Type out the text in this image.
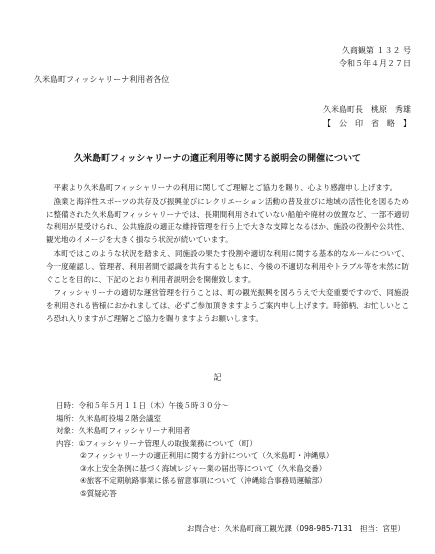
久商観第 １３２ 号
令和５年４月２７日
久米島町フィッシャリーナ利用者各位
久米島町長　桃原　秀雄
【　公　印　省　略　】
久米島町フィッシャリーナの適正利用等に関する説明会の開催について

平素より久米島町フィッシャリーナの利用に関してご理解とご協力を賜り、心より感謝申し上げます。

漁業と海洋性スポーツの共存及び振興並びにレクリエーション活動の普及並びに地域の活性化を図るために整備された久米島町フィッシャリーナでは、長期間利用されていない船舶や廃材の放置など、一部不適切な利用が見受けられ、公共施設の適正な維持管理を行う上で大きな支障となるほか、施設の役割や公共性、観光地のイメージを大きく損なう状況が続いています。

本町ではこのような状況を踏まえ、同施設の果たす役割や適切な利用に関する基本的なルールについて、今一度確認し、管理者、利用者間で認識を共有するとともに、今後の不適切な利用やトラブル等を未然に防ぐことを目的に、下記のとおり利用者説明会を開催致します。

フィッシャリーナの適切な運営管理を行うことは、町の観光振興を図ろうえで大変重要ですので、同施設を利用される皆様におかれましては、必ずご参加頂きますようご案内申し上げます。時節柄、お忙しいところ恐れ入りますがご理解とご協力を賜りますようお願いします。

記
日時：令和５年５月１１日（木）午後５時３０分～
場所：久米島町役場２階会議室
対象：久米島町フィッシャリーナ利用者
内容：①フィッシャリーナ管理人の取扱業務について（町）
②フィッシャリーナの適正利用に関する方針について（久米島町・沖縄県）
③水上安全条例に基づく海域レジャー業の届出等について（久米島交番）
④旅客不定期航路事業に係る留意事項について（沖縄総合事務局運輸部）
⑤質疑応答
お問合せ：久米島町商工観光課（098-985-7131　担当：宮里）
